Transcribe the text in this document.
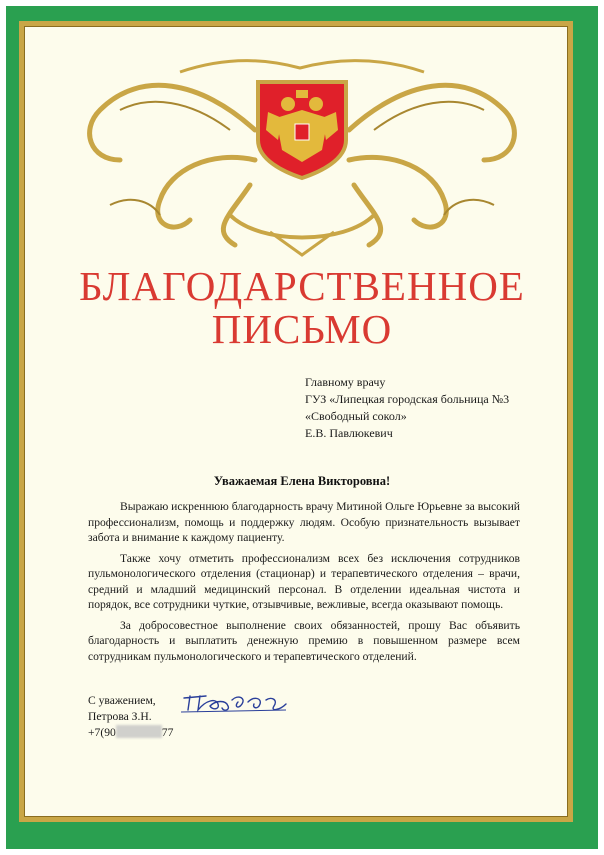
БЛАГОДАРСТВЕННОЕ
ПИСЬМО
Главному врачу
ГУЗ «Липецкая городская больница №3
«Свободный сокол»
Е.В. Павлюкевич
Уважаемая Елена Викторовна!

Выражаю искреннюю благодарность врачу Митиной Ольге Юрьевне за высокий профессионализм, помощь и поддержку людям. Особую признательность вызывает забота и внимание к каждому пациенту.

Также хочу отметить профессионализм всех без исключения сотрудников пульмонологического отделения (стационар) и терапевтического отделения – врачи, средний и младший медицинский персонал. В отделении идеальная чистота и порядок, все сотрудники чуткие, отзывчивые, вежливые, всегда оказывают помощь.

За добросовестное выполнение своих обязанностей, прошу Вас объявить благодарность и выплатить денежную премию в повышенном размере всем сотрудникам пульмонологического и терапевтического отделений.

С уважением,
Петрова З.Н.
+7(90	77
